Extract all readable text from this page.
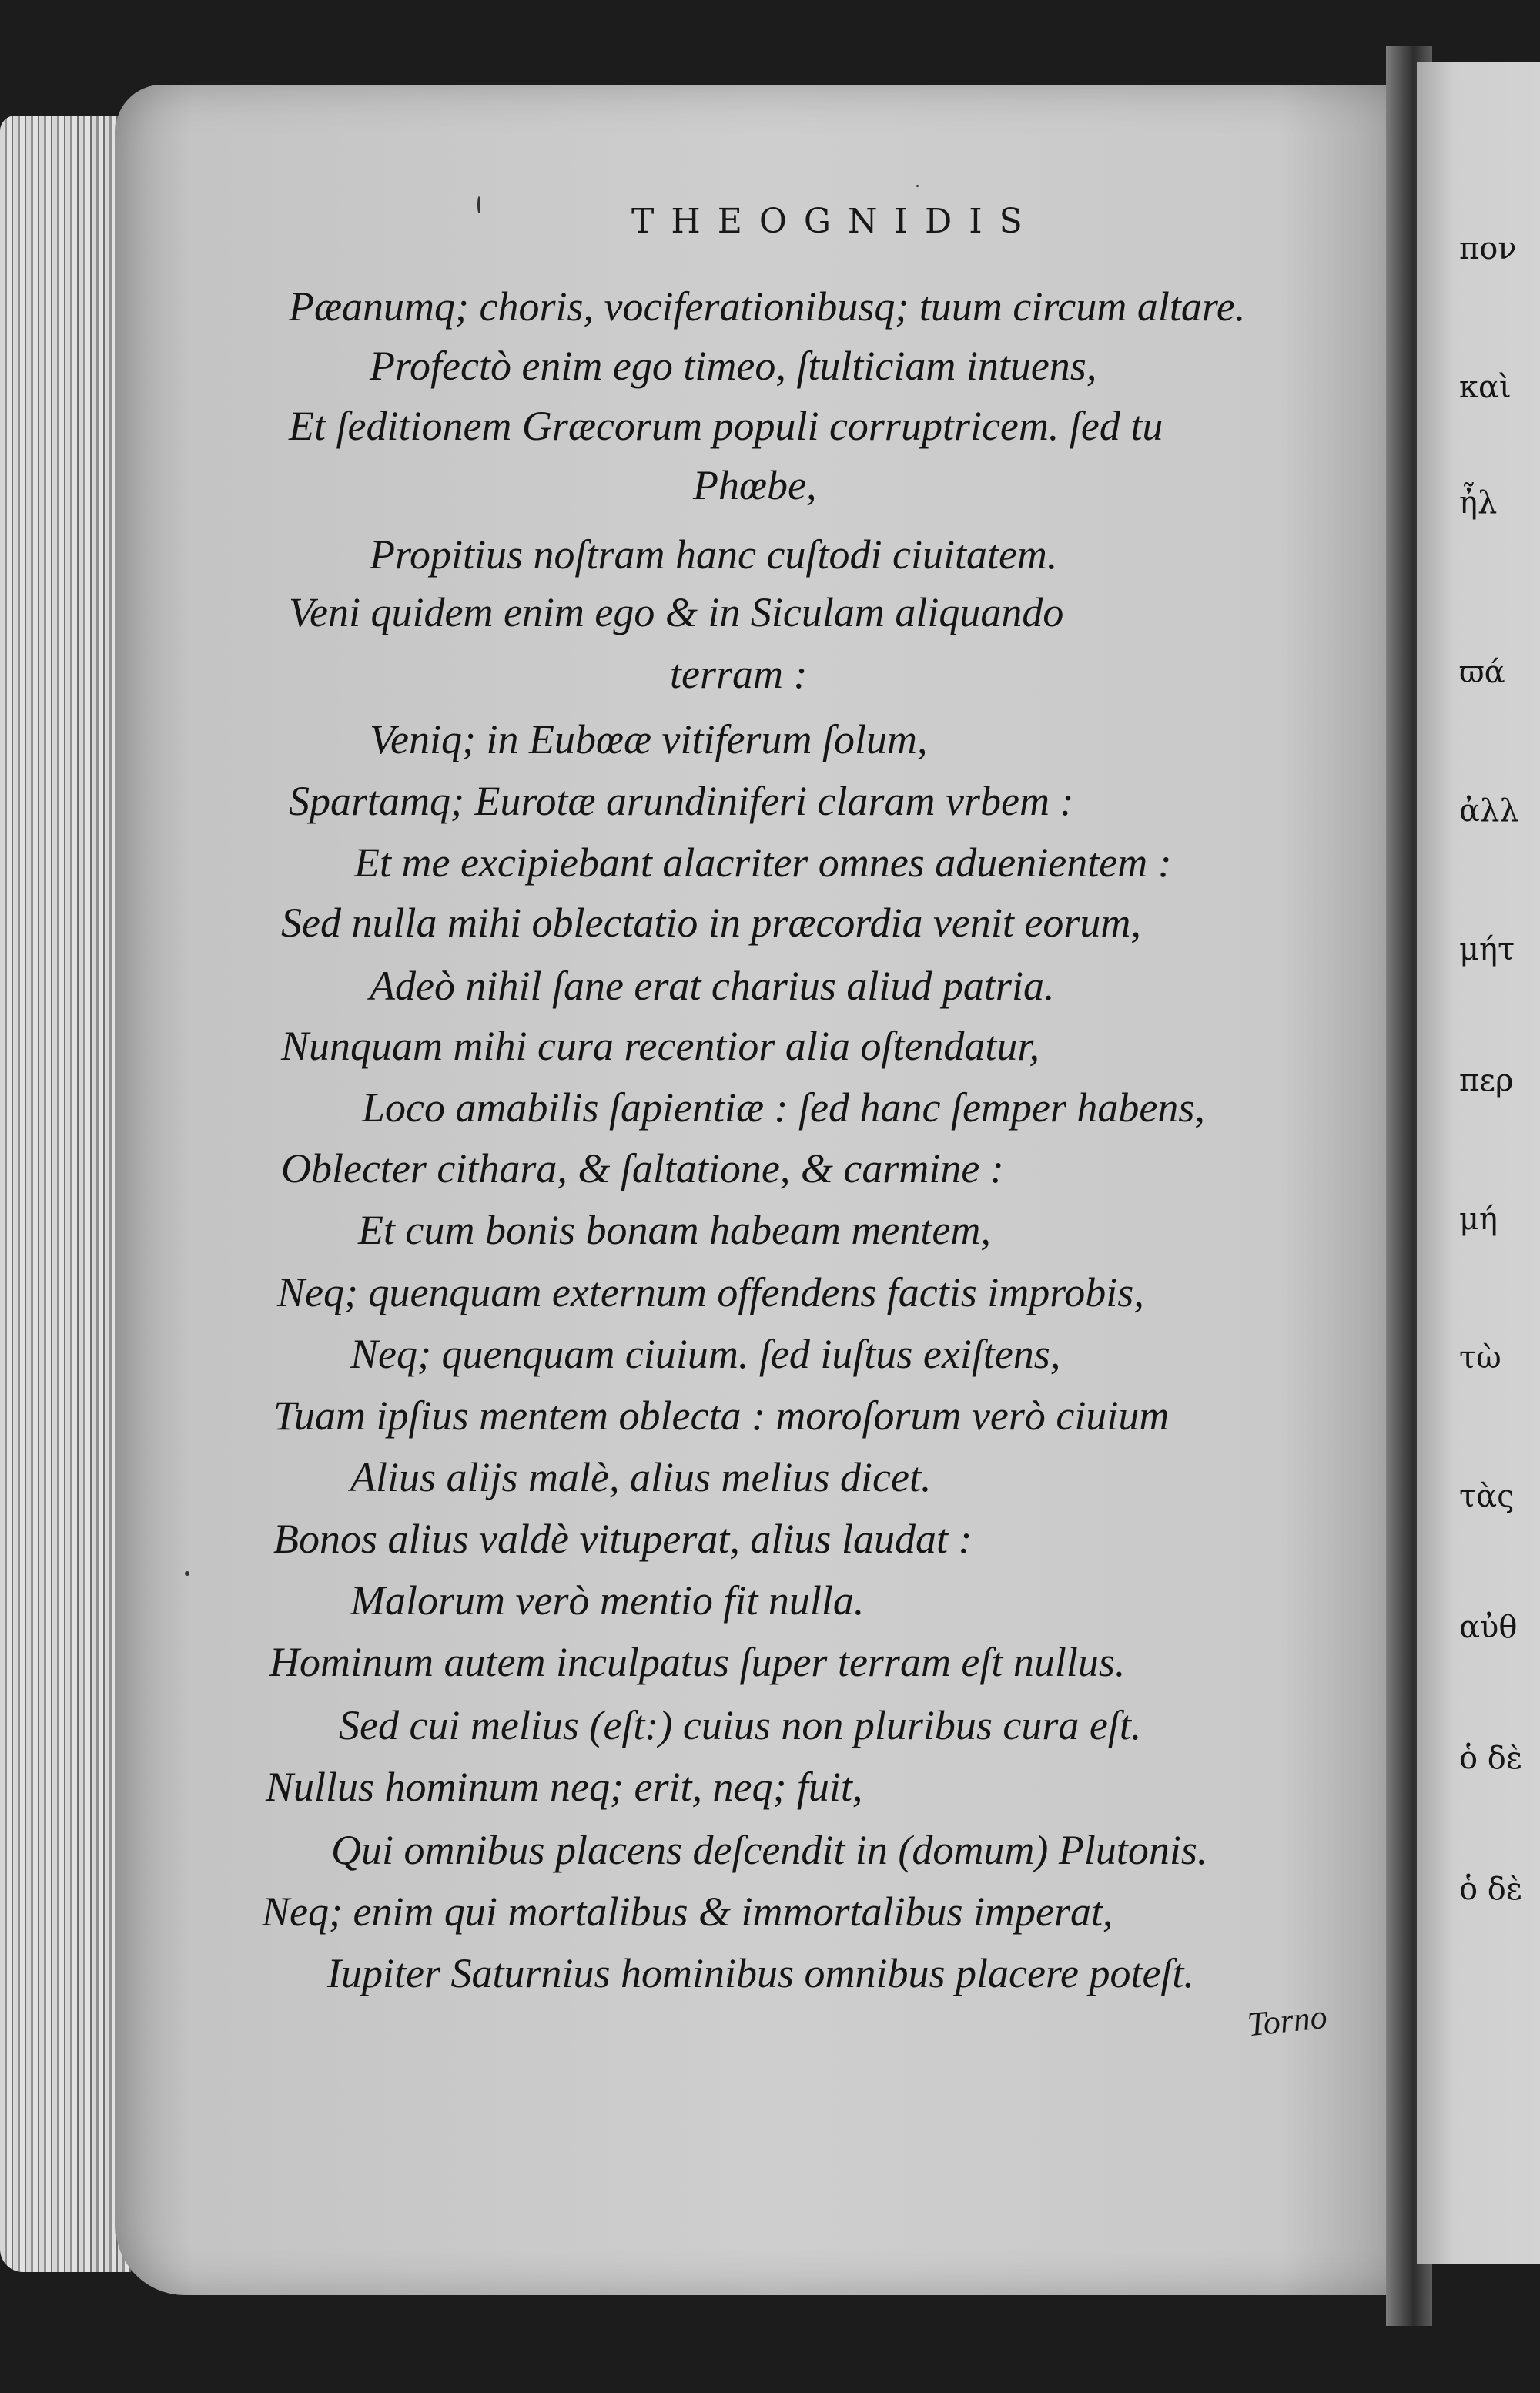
THEOGNIDIS
Pæanumq; choris, vociferationibusq; tuum circum altare.
Profectò enim ego timeo, ſtulticiam intuens,
Et ſeditionem Græcorum populi corruptricem. ſed tu
Phœbe,
Propitius noſtram hanc cuſtodi ciuitatem.
Veni quidem enim ego & in Siculam aliquando
terram :
Veniq; in Eubœæ vitiferum ſolum,
Spartamq; Eurotæ arundiniferi claram vrbem :
Et me excipiebant alacriter omnes aduenientem :
Sed nulla mihi oblectatio in præcordia venit eorum,
Adeò nihil ſane erat charius aliud patria.
Nunquam mihi cura recentior alia oſtendatur,
Loco amabilis ſapientiæ : ſed hanc ſemper habens,
Oblecter cithara, & ſaltatione, & carmine :
Et cum bonis bonam habeam mentem,
Neq; quenquam externum offendens factis improbis,
Neq; quenquam ciuium. ſed iuſtus exiſtens,
Tuam ipſius mentem oblecta : moroſorum verò ciuium
Alius alijs malè, alius melius dicet.
Bonos alius valdè vituperat, alius laudat :
Malorum verò mentio fit nulla.
Hominum autem inculpatus ſuper terram eſt nullus.
Sed cui melius (eſt:) cuius non pluribus cura eſt.
Nullus hominum neq; erit, neq; fuit,
Qui omnibus placens deſcendit in (domum) Plutonis.
Neq; enim qui mortalibus & immortalibus imperat,
Iupiter Saturnius hominibus omnibus placere poteſt.
Torno
πον
καὶ
ἦλ
ϖά
ἀλλ
μήτ
περ
μή
τὼ
τὰς
αὐθ
ὁ δὲ
ὁ δὲ
